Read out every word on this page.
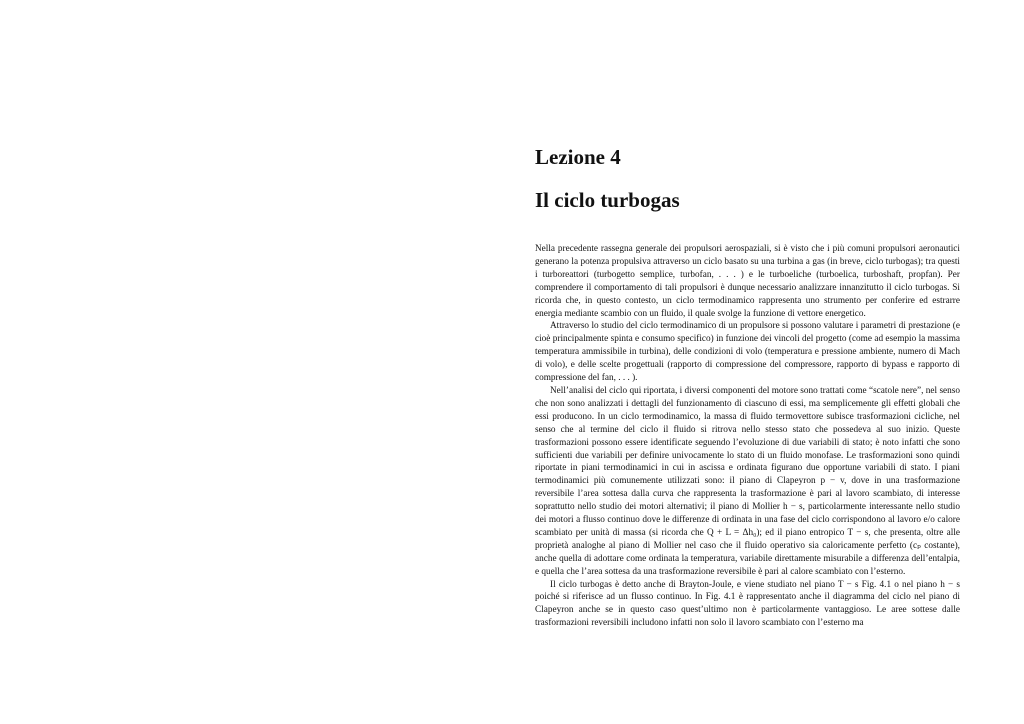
Lezione 4
Il ciclo turbogas

Nella precedente rassegna generale dei propulsori aerospaziali, si è visto che i più comuni propulsori aeronautici generano la potenza propulsiva attraverso un ciclo basato su una turbina a gas (in breve, ciclo turbogas); tra questi i turboreattori (turbogetto semplice, turbofan, . . . ) e le turboeliche (turboelica, turboshaft, propfan). Per comprendere il comportamento di tali propulsori è dunque necessario analizzare innanzitutto il ciclo turbogas. Si ricorda che, in questo contesto, un ciclo termodinamico rappresenta uno strumento per conferire ed estrarre energia mediante scambio con un fluido, il quale svolge la funzione di vettore energetico.

Attraverso lo studio del ciclo termodinamico di un propulsore si possono valutare i parametri di prestazione (e cioè principalmente spinta e consumo specifico) in funzione dei vincoli del progetto (come ad esempio la massima temperatura ammissibile in turbina), delle condizioni di volo (temperatura e pressione ambiente, numero di Mach di volo), e delle scelte progettuali (rapporto di compressione del compressore, rapporto di bypass e rapporto di compressione del fan, . . . ).

Nell’analisi del ciclo qui riportata, i diversi componenti del motore sono trattati come “scatole nere”, nel senso che non sono analizzati i dettagli del funzionamento di ciascuno di essi, ma semplicemente gli effetti globali che essi producono. In un ciclo termodinamico, la massa di fluido termovettore subisce trasformazioni cicliche, nel senso che al termine del ciclo il fluido si ritrova nello stesso stato che possedeva al suo inizio. Queste trasformazioni possono essere identificate seguendo l’evoluzione di due variabili di stato; è noto infatti che sono sufficienti due variabili per definire univocamente lo stato di un fluido monofase. Le trasformazioni sono quindi riportate in piani termodinamici in cui in ascissa e ordinata figurano due opportune variabili di stato. I piani termodinamici più comunemente utilizzati sono: il piano di Clapeyron p − v, dove in una trasformazione reversibile l’area sottesa dalla curva che rappresenta la trasformazione è pari al lavoro scambiato, di interesse soprattutto nello studio dei motori alternativi; il piano di Mollier h − s, particolarmente interessante nello studio dei motori a flusso continuo dove le differenze di ordinata in una fase del ciclo corrispondono al lavoro e/o calore scambiato per unità di massa (si ricorda che Q + L = Δh₀); ed il piano entropico T − s, che presenta, oltre alle proprietà analoghe al piano di Mollier nel caso che il fluido operativo sia caloricamente perfetto (cₚ costante), anche quella di adottare come ordinata la temperatura, variabile direttamente misurabile a differenza dell’entalpia, e quella che l’area sottesa da una trasformazione reversibile è pari al calore scambiato con l’esterno.

Il ciclo turbogas è detto anche di Brayton-Joule, e viene studiato nel piano T − s Fig. 4.1 o nel piano h − s poiché si riferisce ad un flusso continuo. In Fig. 4.1 è rappresentato anche il diagramma del ciclo nel piano di Clapeyron anche se in questo caso quest’ultimo non è particolarmente vantaggioso. Le aree sottese dalle trasformazioni reversibili includono infatti non solo il lavoro scambiato con l’esterno ma
